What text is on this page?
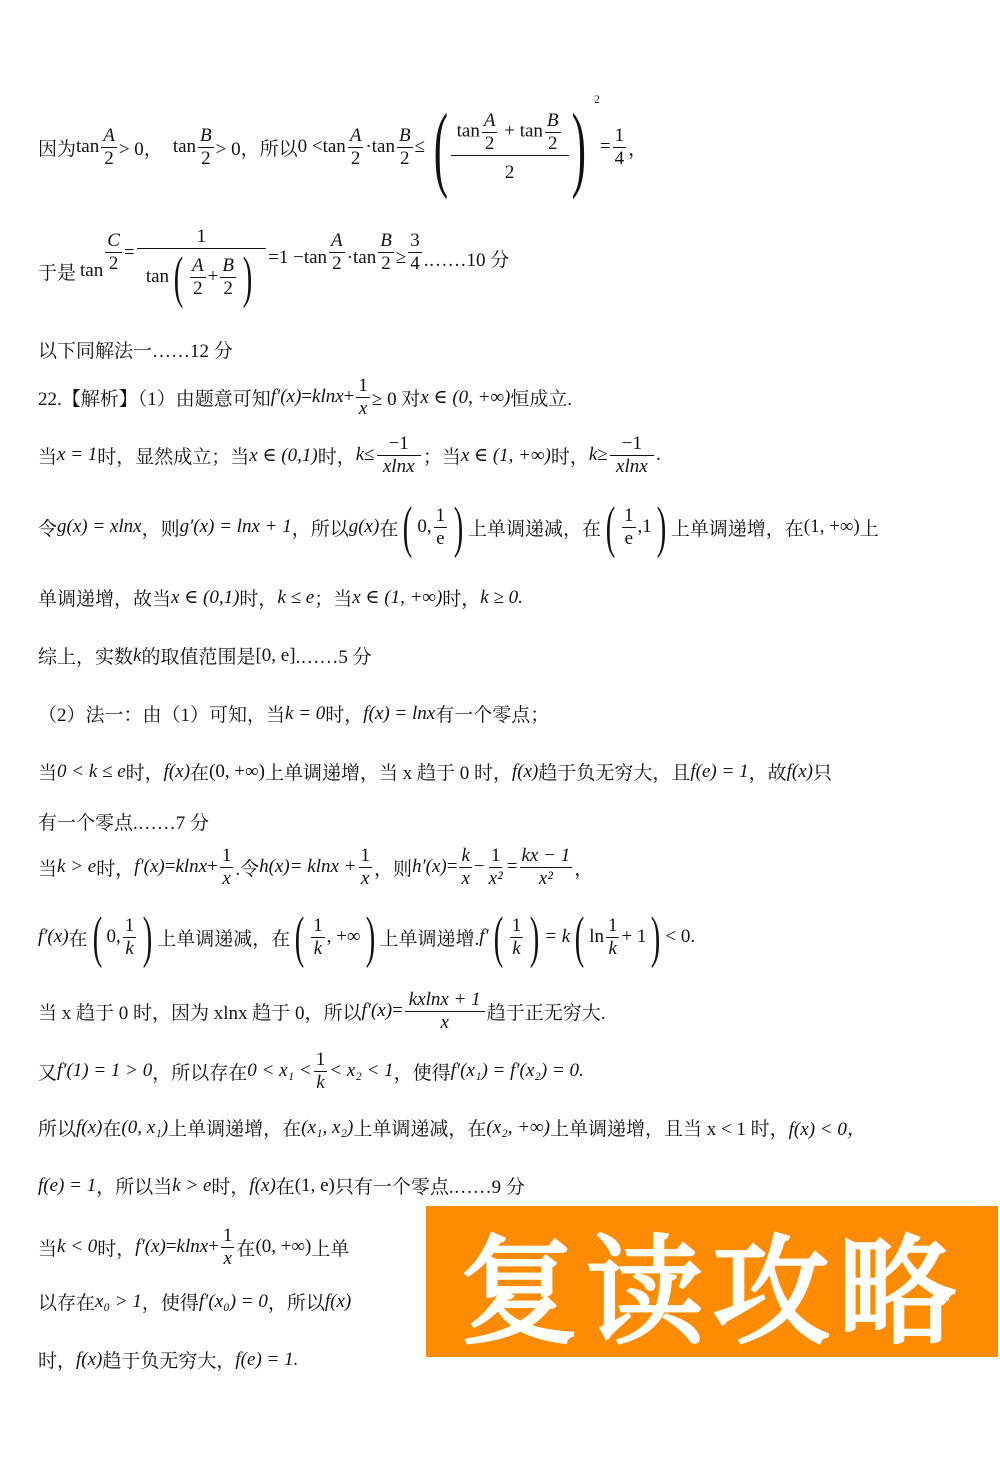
因为 $\tan \frac{A}{2} > 0$， $\tan \frac{B}{2} > 0$， 所以 $0 < \tan \frac{A}{2} \cdot \tan \frac{B}{2}$ ≤ ( $\frac{\tan \frac{A}{2} + \tan \frac{B}{2}}{2}$ ) $^2$
= $\frac{1}{4}$ ，
于是 $\tan \frac{C}{2} = \frac{1}{\tan ( \frac{A}{2} + \frac{B}{2} )} = 1 - \tan \frac{A}{2} \cdot \tan \frac{B}{2} \ge \frac{3}{4}$ .……10 分
以下同解法一……12 分
22.【解析】（1）由题意可知 $f'(x) = klnx + \frac{1}{x} \ge 0$ 对 x ∈ (0, +∞) 恒成立.
当 x = 1 时，显然成立；当 x ∈ (0,1) 时， $k \le \frac{-1}{xlnx}$ ；当 x ∈ (1, +∞) 时， $k \ge \frac{-1}{xlnx}$ .
令 g(x) = xlnx ，则 g′(x) = lnx + 1 ，所以 g(x) 在 ( 0, $\frac{1}{e}$ ) 上单调递减，在 ( $\frac{1}{e} ,1$ ) 上单调递增，在 (1, +∞) 上
单调递增，故当 x ∈ (0,1) 时， k ≤ e ；当 x ∈ (1, +∞) 时， k ≥ 0.
综上，实数 k 的取值范围是 [0, e] .……5 分
（2）法一：由（1）可知，当 k = 0 时， f(x) = lnx 有一个零点；
当 0 < k ≤ e 时， f(x) 在 (0, +∞) 上单调递增，当 x 趋于 0 时， f(x) 趋于负无穷大，且 f(e) = 1 ，故 f(x) 只
有一个零点.……7 分
当 k > e 时， $f'(x) = klnx + \frac{1}{x}$ .令 $h(x) = klnx + \frac{1}{x}$ ，则 $h'(x) = \frac{k}{x} - \frac{1}{\text{x²}} = \frac{kx - 1}{\text{x²}}$ ，
f′(x) 在 ( 0, $\frac{1}{k}$ ) 上单调递减，在 ( $\frac{1}{k}$ , +∞ ) 上单调递增. f′ ( $\frac{1}{k}$ ) = k ( $\ln \frac{1}{k} + 1$ ) < 0.
当 x 趋于 0 时，因为 xlnx 趋于 0，所以 $f'(x) = \frac{kxlnx + 1}{x}$ 趋于正无穷大.
又 f′(1) = 1 > 0 ，所以存在 $0 < x_1 < \frac{1}{k} < x_2 < 1$ ，使得 f′(x₁) = f′(x₂) = 0.
所以 f(x) 在 (0, x₁) 上单调递增，在 (x₁, x₂) 上单调递减，在 (x₂, +∞) 上单调递增，且当 x < 1 时， f(x) < 0，
f(e) = 1 ，所以当 k > e 时， f(x) 在 (1, e) 只有一个零点.……9 分
当 k < 0 时， $f'(x) = klnx + \frac{1}{x}$ 在 (0, +∞) 上单
以存在 x₀ > 1 ，使得 f′(x₀) = 0 ，所以 f(x)
时， f(x) 趋于负无穷大， f(e) = 1. 复读攻略
